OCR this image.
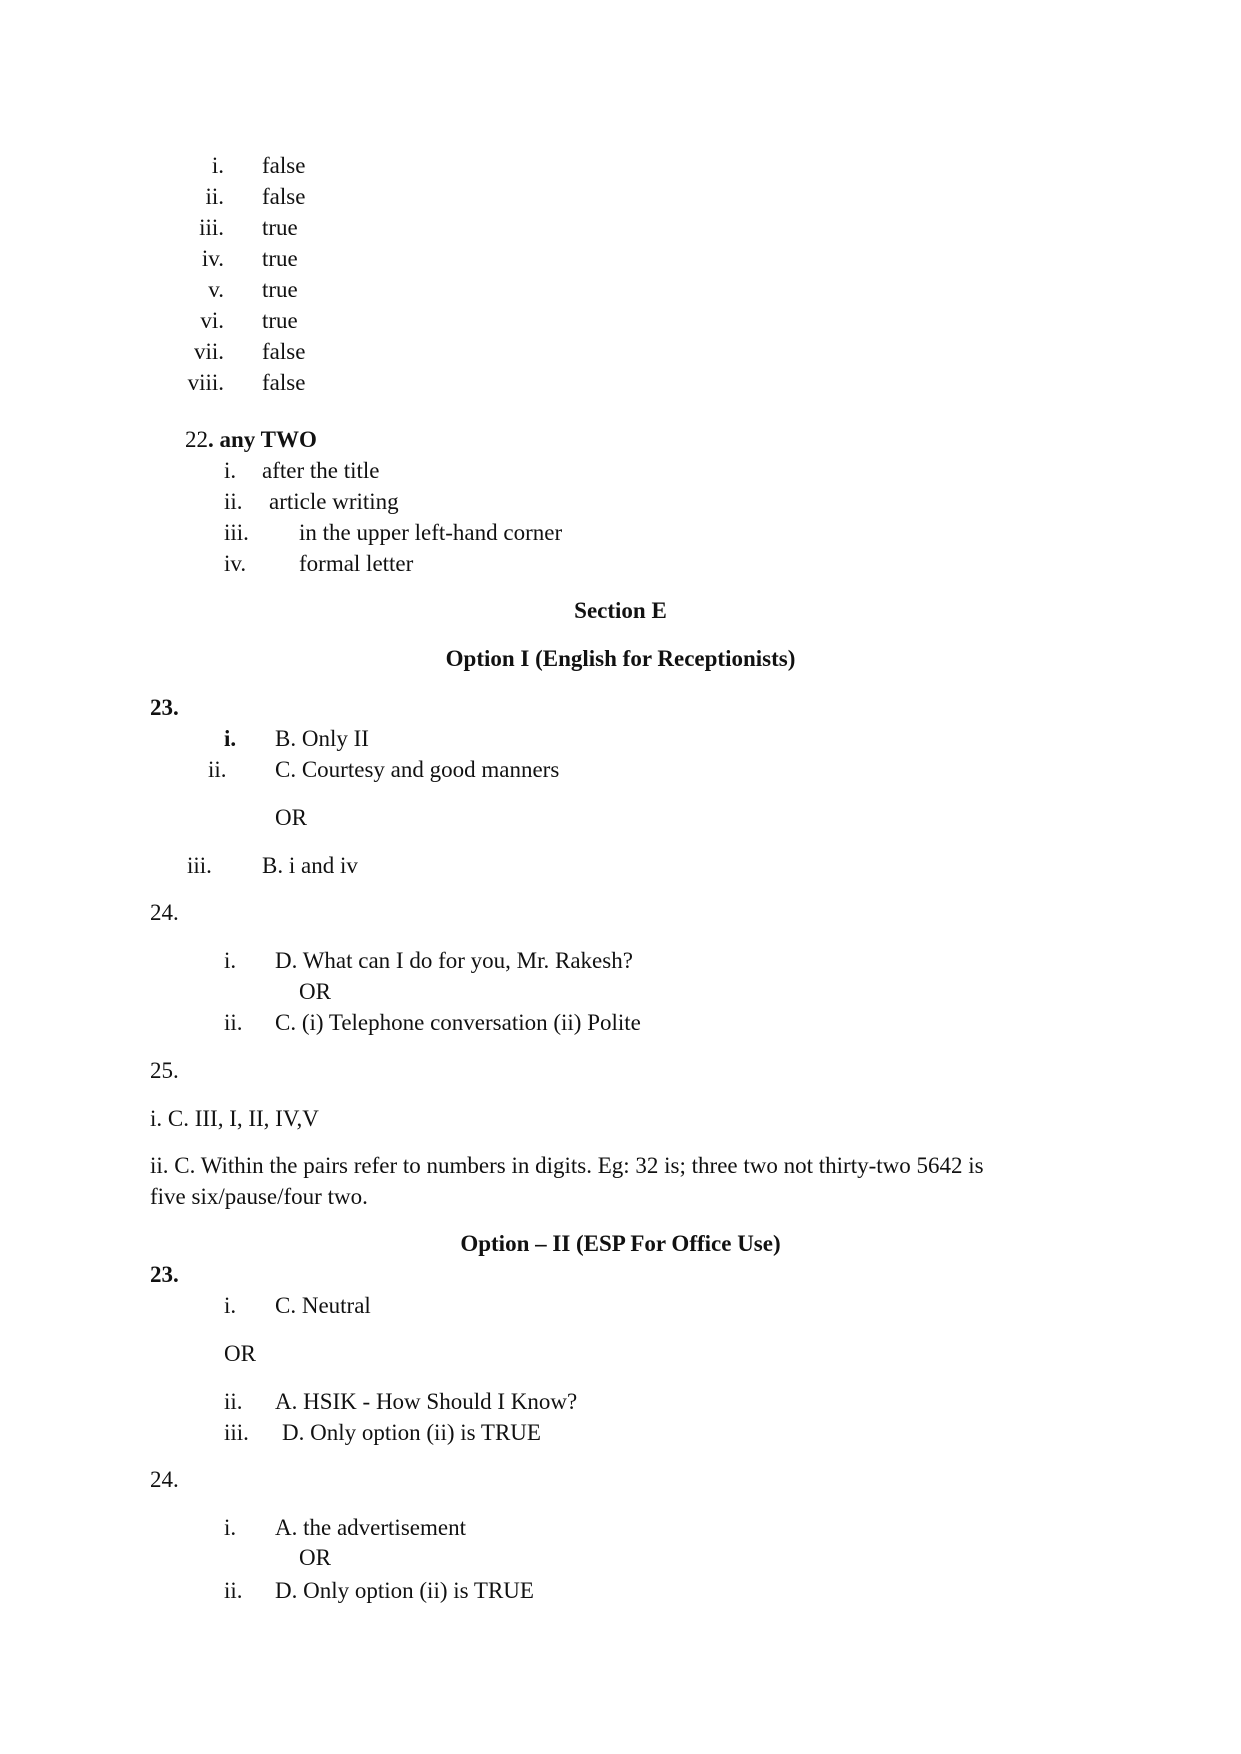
i. false
ii. false
iii. true
iv. true
v. true
vi. true
vii. false
viii. false
22. any TWO
i. after the title
ii. article writing
iii. in the upper left-hand corner
iv. formal letter
Section E
Option I (English for Receptionists)
23.
i. B. Only II
ii. C. Courtesy and good manners
OR
iii. B. i and iv
24.
i. D. What can I do for you, Mr. Rakesh?
OR
ii. C. (i) Telephone conversation (ii) Polite
25.
i. C. III, I, II, IV,V
ii. C. Within the pairs refer to numbers in digits. Eg: 32 is; three two not thirty-two 5642 is
five six/pause/four two.
Option – II (ESP For Office Use)
23.
i. C. Neutral
OR
ii. A. HSIK - How Should I Know?
iii. D. Only option (ii) is TRUE
24.
i. A. the advertisement
OR
ii. D. Only option (ii) is TRUE
